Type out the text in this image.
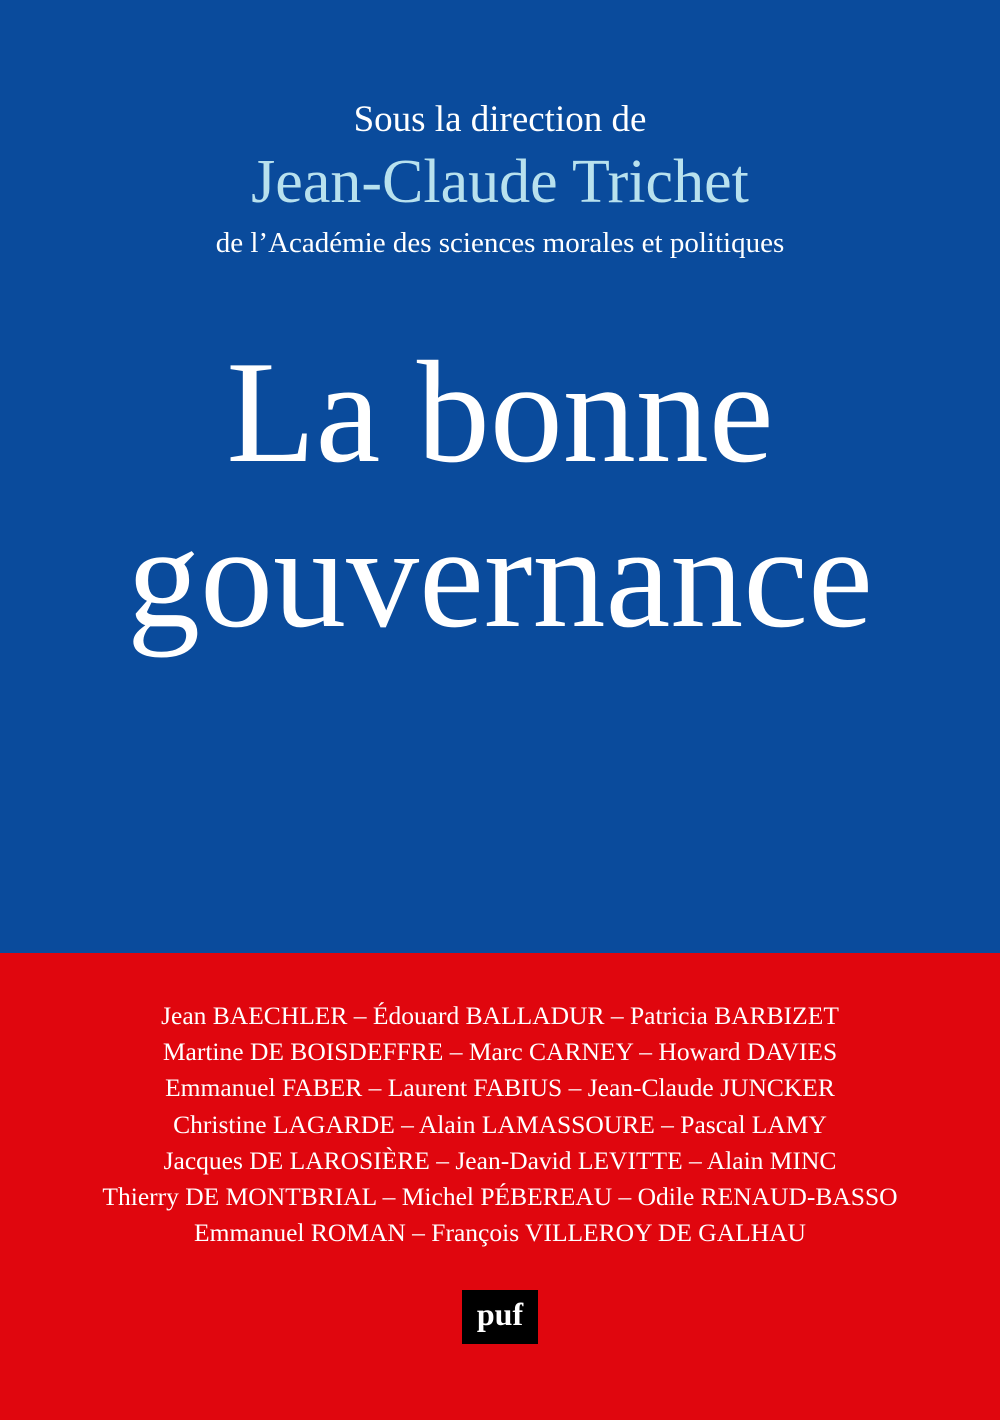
Sous la direction de
Jean-Claude Trichet
de l’Académie des sciences morales et politiques
La bonne
gouvernance
Jean BAECHLER – Édouard BALLADUR – Patricia BARBIZET
Martine DE BOISDEFFRE – Marc CARNEY – Howard DAVIES
Emmanuel FABER – Laurent FABIUS – Jean-Claude JUNCKER
Christine LAGARDE – Alain LAMASSOURE – Pascal LAMY
Jacques DE LAROSIÈRE – Jean-David LEVITTE – Alain MINC
Thierry DE MONTBRIAL – Michel PÉBEREAU – Odile RENAUD-BASSO
Emmanuel ROMAN – François VILLEROY DE GALHAU
puf
